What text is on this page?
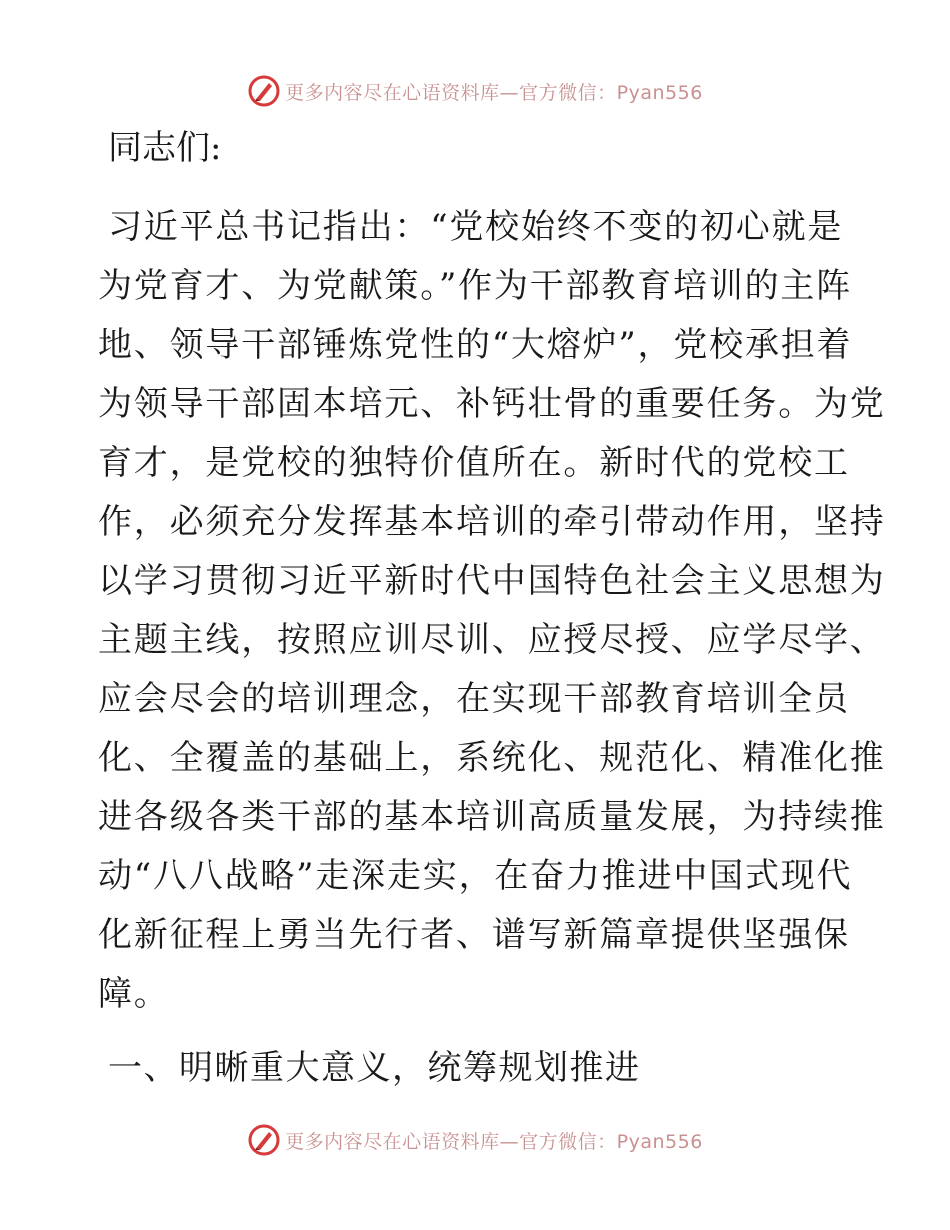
更多内容尽在心语资料库—官方微信：Pyan556
同志们:
习近平总书记指出：“党校始终不变的初心就是
为党育才、为党献策。”作为干部教育培训的主阵
地、领导干部锤炼党性的“大熔炉”，党校承担着
为领导干部固本培元、补钙壮骨的重要任务。为党
育才，是党校的独特价值所在。新时代的党校工
作，必须充分发挥基本培训的牵引带动作用，坚持
以学习贯彻习近平新时代中国特色社会主义思想为
主题主线，按照应训尽训、应授尽授、应学尽学、
应会尽会的培训理念，在实现干部教育培训全员
化、全覆盖的基础上，系统化、规范化、精准化推
进各级各类干部的基本培训高质量发展，为持续推
动“八八战略”走深走实，在奋力推进中国式现代
化新征程上勇当先行者、谱写新篇章提供坚强保
障。
一、明晰重大意义，统筹规划推进
更多内容尽在心语资料库—官方微信：Pyan556
